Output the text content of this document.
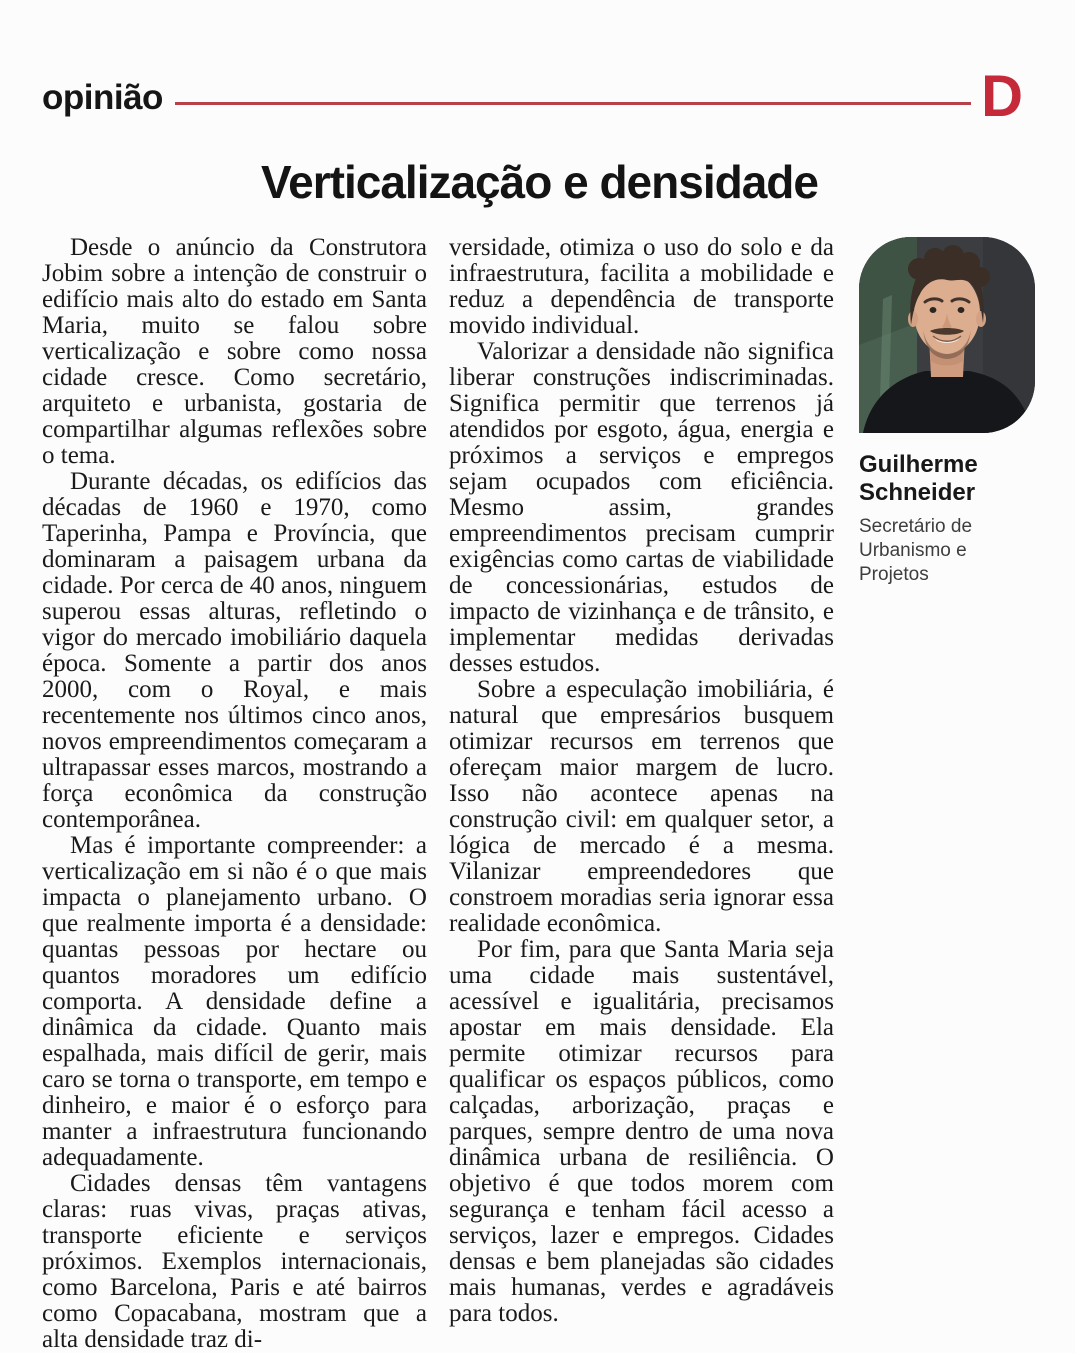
opinião	D
Verticalização e densidade

Desde o anúncio da Construtora Jobim sobre a intenção de construir o edifício mais alto do estado em Santa Maria, muito se falou sobre verticalização e sobre como nossa cidade cresce. Como secretário, arquiteto e urbanista, gostaria de compartilhar algumas reflexões sobre o tema.

Durante décadas, os edifícios das décadas de 1960 e 1970, como Taperinha, Pampa e Província, que dominaram a paisagem urbana da cidade. Por cerca de 40 anos, ninguem superou essas alturas, refletindo o vigor do mercado imobiliário daquela época. Somente a partir dos anos 2000, com o Royal, e mais recentemente nos últimos cinco anos, novos empreendimentos começaram a ultrapassar esses marcos, mostrando a força econômica da construção contemporânea.

Mas é importante compreender: a verticalização em si não é o que mais impacta o planejamento urbano. O que realmente importa é a densidade: quantas pessoas por hectare ou quantos moradores um edifício comporta. A densidade define a dinâmica da cidade. Quanto mais espalhada, mais difícil de gerir, mais caro se torna o transporte, em tempo e dinheiro, e maior é o esforço para manter a infraestrutura funcionando adequadamente.

Cidades densas têm vantagens claras: ruas vivas, praças ativas, transporte eficiente e serviços próximos. Exemplos internacionais, como Barcelona, Paris e até bairros como Copacabana, mostram que a alta densidade traz di-

versidade, otimiza o uso do solo e da infraestrutura, facilita a mobilidade e reduz a dependência de transporte movido individual.

Valorizar a densidade não significa liberar construções indiscriminadas. Significa permitir que terrenos já atendidos por esgoto, água, energia e próximos a serviços e empregos sejam ocupados com eficiência. Mesmo assim, grandes empreendimentos precisam cumprir exigências como cartas de viabilidade de concessionárias, estudos de impacto de vizinhança e de trânsito, e implementar medidas derivadas desses estudos.

Sobre a especulação imobiliária, é natural que empresários busquem otimizar recursos em terrenos que ofereçam maior margem de lucro. Isso não acontece apenas na construção civil: em qualquer setor, a lógica de mercado é a mesma. Vilanizar empreendedores que constroem moradias seria ignorar essa realidade econômica.

Por fim, para que Santa Maria seja uma cidade mais sustentável, acessível e igualitária, precisamos apostar em mais densidade. Ela permite otimizar recursos para qualificar os espaços públicos, como calçadas, arborização, praças e parques, sempre dentro de uma nova dinâmica urbana de resiliência. O objetivo é que todos morem com segurança e tenham fácil acesso a serviços, lazer e empregos. Cidades densas e bem planejadas são cidades mais humanas, verdes e agradáveis para todos.

Guilherme Schneider
Secretário de Urbanismo e Projetos
